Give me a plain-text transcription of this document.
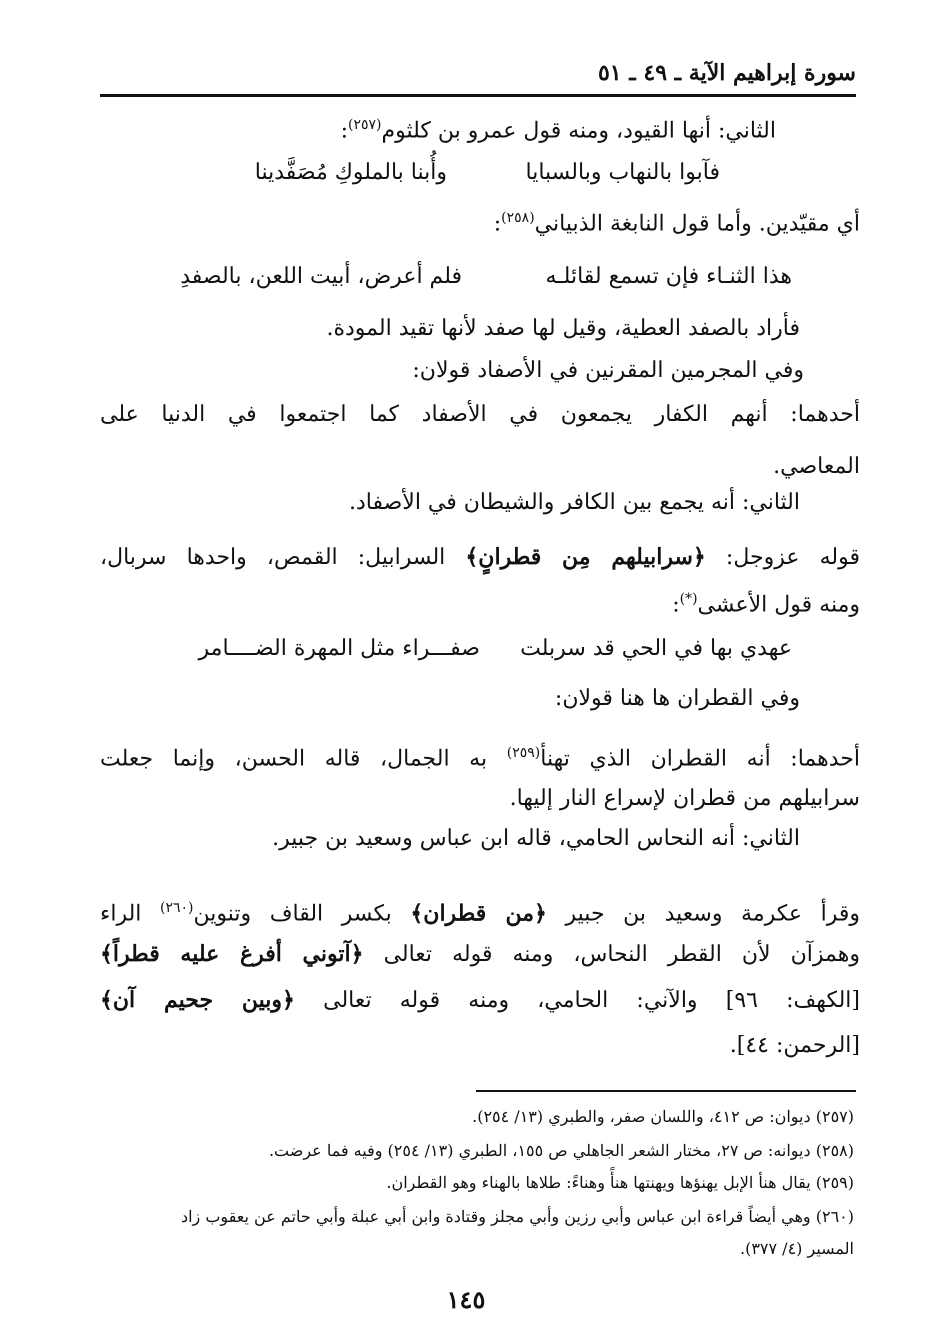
سورة إبراهيم الآية ـ ٤٩ ـ ٥١
الثاني: أنها القيود، ومنه قول عمرو بن كلثوم$^{(٢٥٧)}$:
فآبوا بالنهاب وبالسبايا
وأُبنا بالملوكِ مُصَفَّدينا
أي مقيّدين. وأما قول النابغة الذبياني$^{(٢٥٨)}$:
هذا الثنـاء فإن تسمع لقائلـه
فلم أعرض، أبيت اللعن، بالصفدِ
فأراد بالصفد العطية، وقيل لها صفد لأنها تقيد المودة.
وفي المجرمين المقرنين في الأصفاد قولان:
أحدهما: أنهم الكفار يجمعون في الأصفاد كما اجتمعوا في الدنيا على
المعاصي.
الثاني: أنه يجمع بين الكافر والشيطان في الأصفاد.
قوله عزوجل: ﴿سرابيلهم مِن قطرانٍ﴾ السرابيل: القمص، واحدها سربال،
ومنه قول الأعشى(*):
عهدي بها في الحي قد سربلت
صفـــراء مثل المهرة الضــــامر
وفي القطران ها هنا قولان:
أحدهما: أنه القطران الذي تهنأ$^{(٢٥٩)}$ به الجمال، قاله الحسن، وإنما جعلت
سرابيلهم من قطران لإسراع النار إليها.
الثاني: أنه النحاس الحامي، قاله ابن عباس وسعيد بن جبير.
وقرأ عكرمة وسعيد بن جبير ﴿من قطران﴾ بكسر القاف وتنوين$^{(٢٦٠)}$ الراء
وهمزآن لأن القطر النحاس، ومنه قوله تعالى ﴿آتوني أفرغ عليه قطراً﴾
[الكهف: ٩٦] والآني: الحامي، ومنه قوله تعالى ﴿وبين جحيم آن﴾
[الرحمن: ٤٤].
(٢٥٧) ديوان: ص ٤١٢، واللسان صفر، والطبري (١٣/ ٢٥٤).
(٢٥٨) ديوانه: ص ٢٧، مختار الشعر الجاهلي ص ١٥٥، الطبري (١٣/ ٢٥٤) وفيه فما عرضت.
(٢٥٩) يقال هنأ الإبل يهنؤها ويهنتها هنأً وهناءً: طلاها بالهناء وهو القطران.
(٢٦٠) وهي أيضاً قراءة ابن عباس وأبي رزين وأبي مجلز وقتادة وابن أبي عبلة وأبي حاتم عن يعقوب زاد
المسير (٤/ ٣٧٧).
١٤٥
